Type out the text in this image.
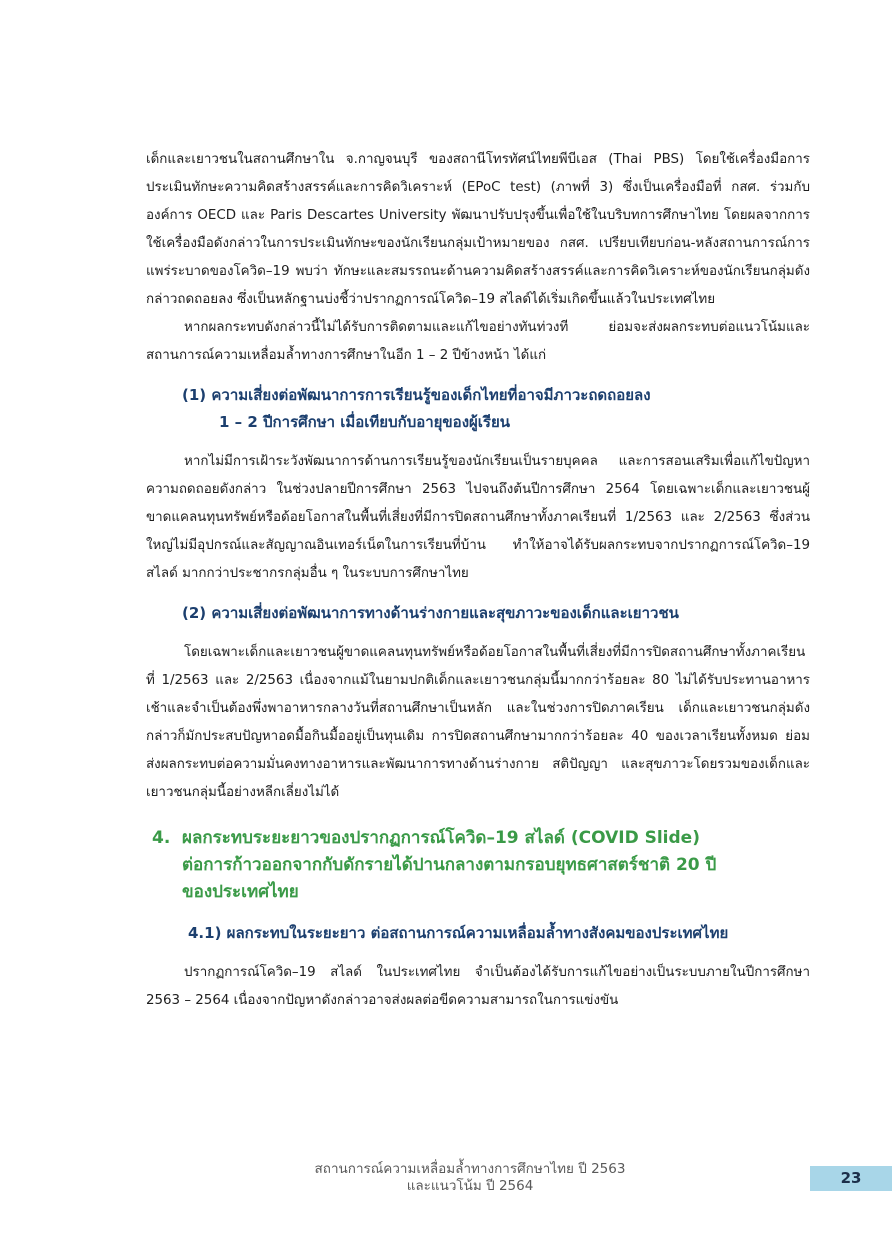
เด็กและเยาวชนในสถานศึกษาใน จ.กาญจนบุรี ของสถานีโทรทัศน์ไทยพีบีเอส (Thai PBS) โดยใช้เครื่องมือการประเมินทักษะความคิดสร้างสรรค์และการคิดวิเคราะห์ (EPoC test) (ภาพที่ 3) ซึ่งเป็นเครื่องมือที่ กสศ. ร่วมกับ องค์การ OECD และ Paris Descartes University พัฒนาปรับปรุงขึ้นเพื่อใช้ในบริบทการศึกษาไทย โดยผลจากการใช้เครื่องมือดังกล่าวในการประเมินทักษะของนักเรียนกลุ่มเป้าหมายของ กสศ. เปรียบเทียบก่อน-หลังสถานการณ์การแพร่ระบาดของโควิด–19 พบว่า ทักษะและสมรรถนะด้านความคิดสร้างสรรค์และการคิดวิเคราะห์ของนักเรียนกลุ่มดังกล่าวถดถอยลง ซึ่งเป็นหลักฐานบ่งชี้ว่าปรากฏการณ์โควิด–19 สไลด์ได้เริ่มเกิดขึ้นแล้วในประเทศไทย

หากผลกระทบดังกล่าวนี้ไม่ได้รับการติดตามและแก้ไขอย่างทันท่วงที ย่อมจะส่งผลกระทบต่อแนวโน้มและสถานการณ์ความเหลื่อมล้ำทางการศึกษาในอีก 1 – 2 ปีข้างหน้า ได้แก่

(1) ความเสี่ยงต่อพัฒนาการการเรียนรู้ของเด็กไทยที่อาจมีภาวะถดถอยลง
1 – 2 ปีการศึกษา เมื่อเทียบกับอายุของผู้เรียน

หากไม่มีการเฝ้าระวังพัฒนาการด้านการเรียนรู้ของนักเรียนเป็นรายบุคคล และการสอนเสริมเพื่อแก้ไขปัญหาความถดถอยดังกล่าว ในช่วงปลายปีการศึกษา 2563 ไปจนถึงต้นปีการศึกษา 2564 โดยเฉพาะเด็กและเยาวชนผู้ขาดแคลนทุนทรัพย์หรือด้อยโอกาสในพื้นที่เสี่ยงที่มีการปิดสถานศึกษาทั้งภาคเรียนที่ 1/2563 และ 2/2563 ซึ่งส่วนใหญ่ไม่มีอุปกรณ์และสัญญาณอินเทอร์เน็ตในการเรียนที่บ้าน ทำให้อาจได้รับผลกระทบจากปรากฏการณ์โควิด–19 สไลด์ มากกว่าประชากรกลุ่มอื่น ๆ ในระบบการศึกษาไทย

(2) ความเสี่ยงต่อพัฒนาการทางด้านร่างกายและสุขภาวะของเด็กและเยาวชน

โดยเฉพาะเด็กและเยาวชนผู้ขาดแคลนทุนทรัพย์หรือด้อยโอกาสในพื้นที่เสี่ยงที่มีการปิดสถานศึกษาทั้งภาคเรียนที่ 1/2563 และ 2/2563 เนื่องจากแม้ในยามปกติเด็กและเยาวชนกลุ่มนี้มากกว่าร้อยละ 80 ไม่ได้รับประทานอาหารเช้าและจำเป็นต้องพึ่งพาอาหารกลางวันที่สถานศึกษาเป็นหลัก และในช่วงการปิดภาคเรียน เด็กและเยาวชนกลุ่มดังกล่าวก็มักประสบปัญหาอดมื้อกินมื้ออยู่เป็นทุนเดิม การปิดสถานศึกษามากกว่าร้อยละ 40 ของเวลาเรียนทั้งหมด ย่อมส่งผลกระทบต่อความมั่นคงทางอาหารและพัฒนาการทางด้านร่างกาย สติปัญญา และสุขภาวะโดยรวมของเด็กและเยาวชนกลุ่มนี้อย่างหลีกเลี่ยงไม่ได้

4. ผลกระทบระยะยาวของปรากฏการณ์โควิด–19 สไลด์ (COVID Slide)
ต่อการก้าวออกจากกับดักรายได้ปานกลางตามกรอบยุทธศาสตร์ชาติ 20 ปี
ของประเทศไทย
4.1) ผลกระทบในระยะยาว ต่อสถานการณ์ความเหลื่อมล้ำทางสังคมของประเทศไทย

ปรากฏการณ์โควิด–19 สไลด์ ในประเทศไทย จำเป็นต้องได้รับการแก้ไขอย่างเป็นระบบภายในปีการศึกษา 2563 – 2564 เนื่องจากปัญหาดังกล่าวอาจส่งผลต่อขีดความสามารถในการแข่งขัน

สถานการณ์ความเหลื่อมล้ำทางการศึกษาไทย ปี 2563
และแนวโน้ม ปี 2564	23
